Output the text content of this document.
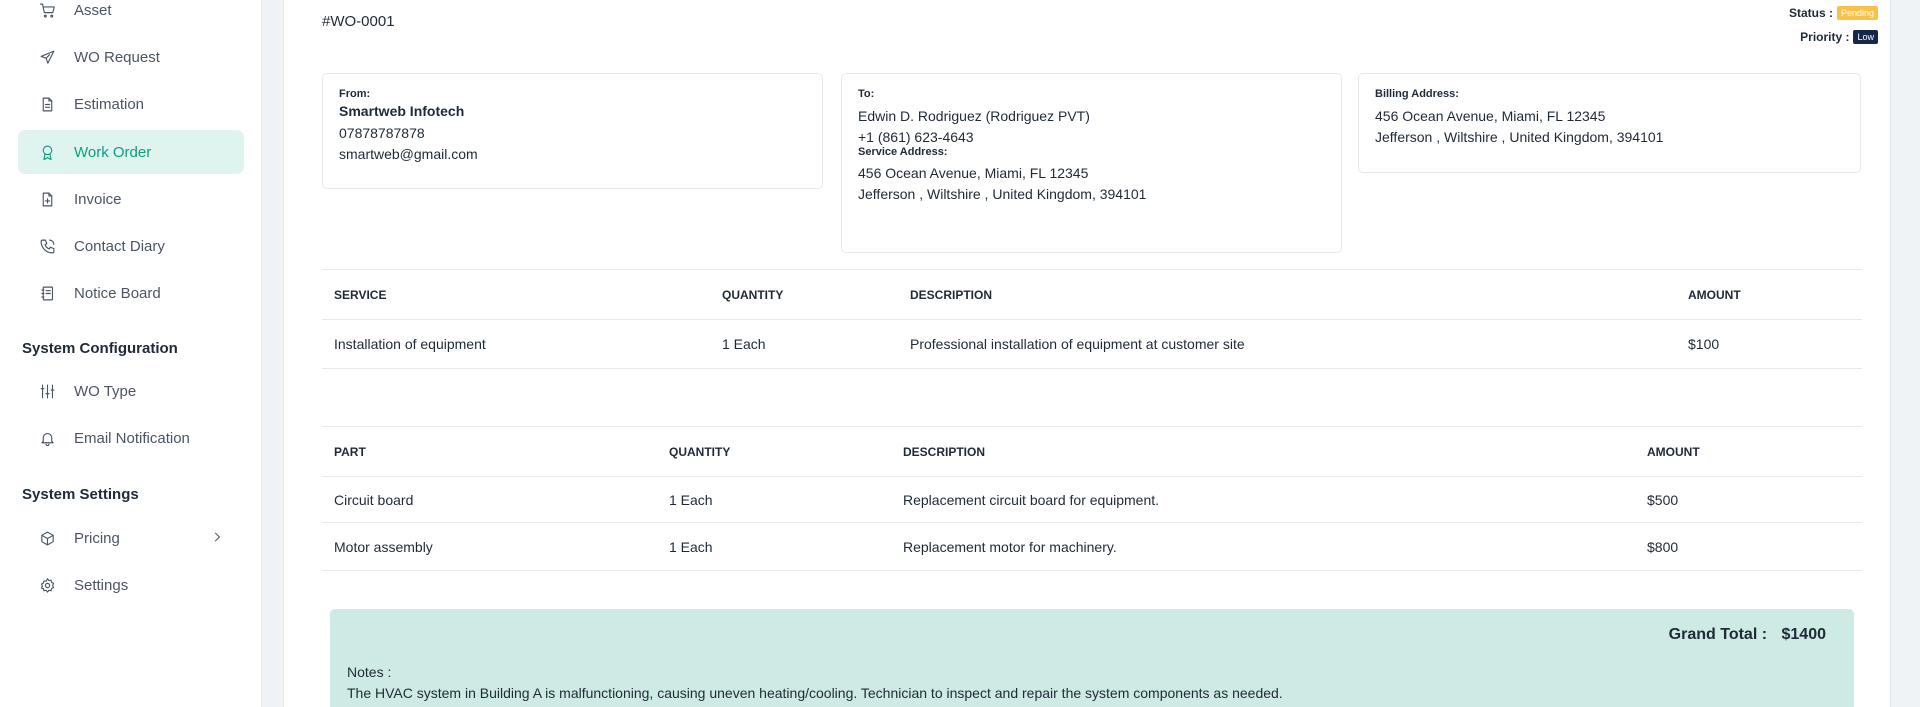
Asset
WO Request
Estimation
Work Order
Invoice
Contact Diary
Notice Board
System Configuration
WO Type
Email Notification
System Settings
Pricing
Settings
#WO-0001	Status : Pending
Priority : Low
From:
Smartweb Infotech
07878787878
smartweb@gmail.com
To:
Edwin D. Rodriguez (Rodriguez PVT)
+1 (861) 623-4643
Service Address:
456 Ocean Avenue, Miami, FL 12345
Jefferson , Wiltshire , United Kingdom, 394101
Billing Address:
456 Ocean Avenue, Miami, FL 12345
Jefferson , Wiltshire , United Kingdom, 394101
SERVICE	QUANTITY	DESCRIPTION	AMOUNT
Installation of equipment	1 Each	Professional installation of equipment at customer site	$100
PART	QUANTITY	DESCRIPTION	AMOUNT
Circuit board	1 Each	Replacement circuit board for equipment.	$500
Motor assembly	1 Each	Replacement motor for machinery.	$800
Grand Total : $1400
Notes :
The HVAC system in Building A is malfunctioning, causing uneven heating/cooling. Technician to inspect and repair the system components as needed.
